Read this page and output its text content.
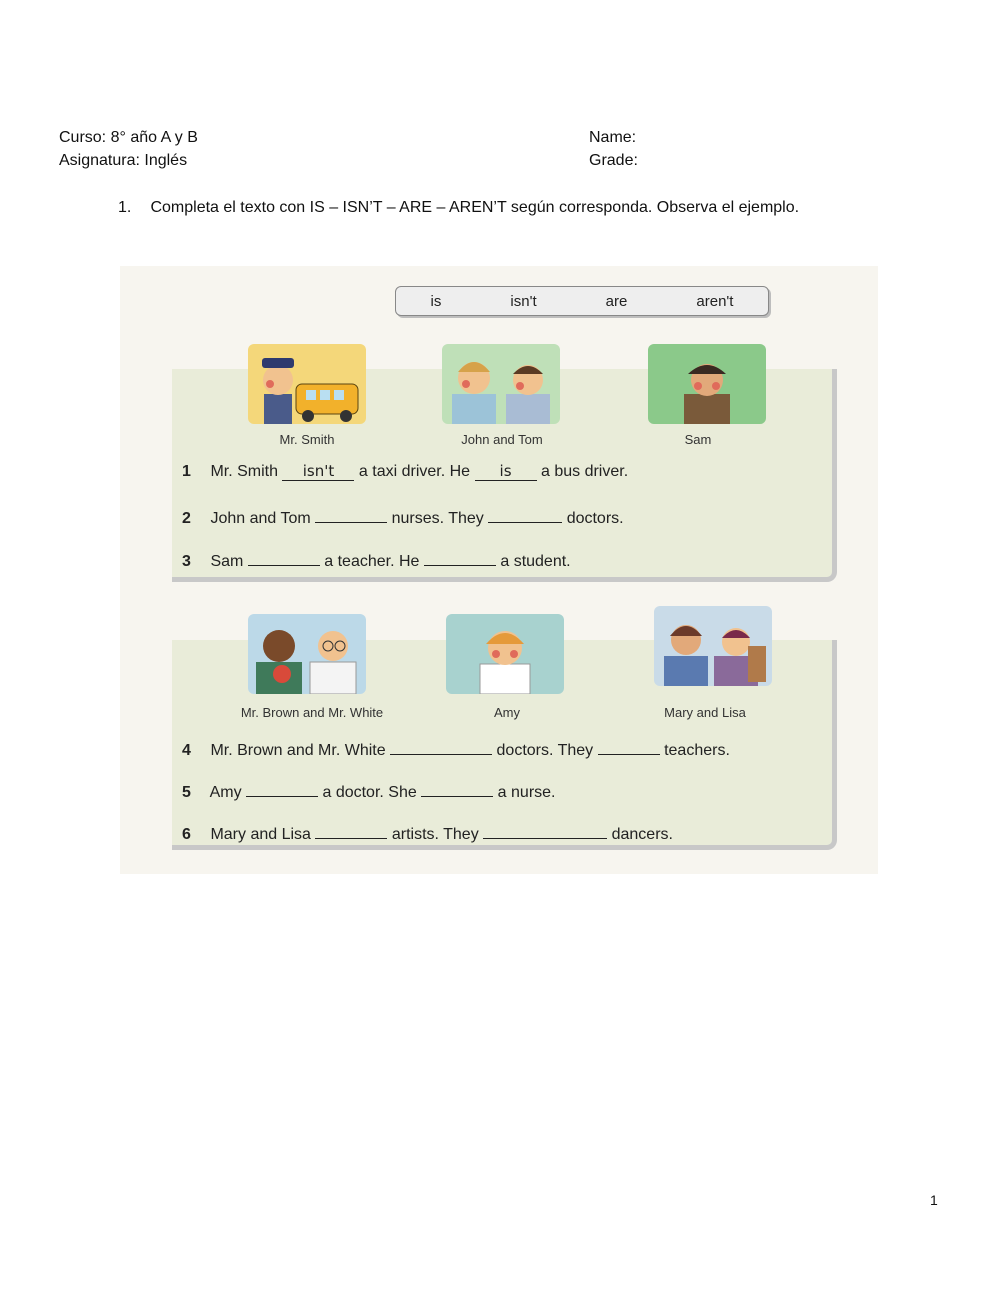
Curso: 8° año A y B
Asignatura: Inglés
Name:
Grade:
1. Completa el texto con IS – ISN’T – ARE – AREN’T según corresponda. Observa el ejemplo.
is	isn't	are	aren't
Mr. Smith	John and Tom	Sam
1 Mr. Smith isn't a taxi driver. He is a bus driver.
2 John and Tom	nurses. They	doctors.
3 Sam	a teacher. He	a student.
Mr. Brown and Mr. White	Amy	Mary and Lisa
4 Mr. Brown and Mr. White	doctors. They	teachers.
5 Amy	a doctor. She	a nurse.
6 Mary and Lisa	artists. They	dancers.
1
